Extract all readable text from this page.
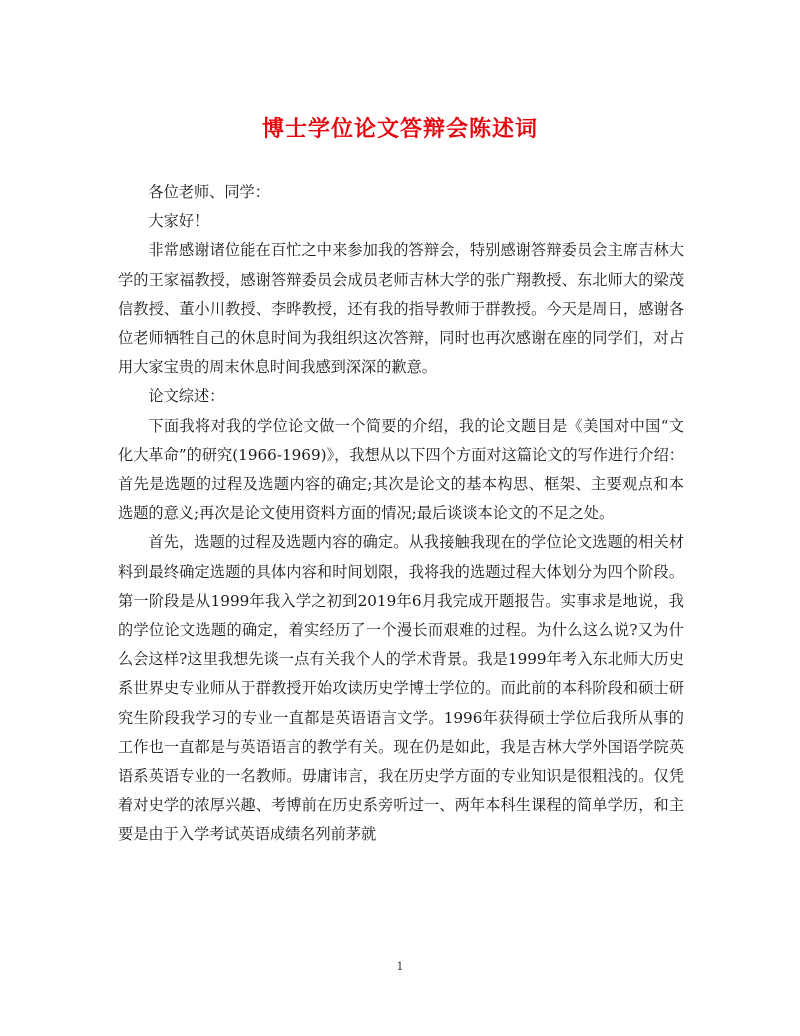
博士学位论文答辩会陈述词

各位老师、同学：

大家好！

非常感谢诸位能在百忙之中来参加我的答辩会，特别感谢答辩委员会主席吉林大学的王家福教授，感谢答辩委员会成员老师吉林大学的张广翔教授、东北师大的梁茂信教授、董小川教授、李晔教授，还有我的指导教师于群教授。今天是周日，感谢各位老师牺牲自己的休息时间为我组织这次答辩，同时也再次感谢在座的同学们，对占用大家宝贵的周末休息时间我感到深深的歉意。

论文综述：

下面我将对我的学位论文做一个简要的介绍，我的论文题目是《美国对中国“文化大革命”的研究(1966-1969)》，我想从以下四个方面对这篇论文的写作进行介绍：首先是选题的过程及选题内容的确定;其次是论文的基本构思、框架、主要观点和本选题的意义;再次是论文使用资料方面的情况;最后谈谈本论文的不足之处。

首先，选题的过程及选题内容的确定。从我接触我现在的学位论文选题的相关材料到最终确定选题的具体内容和时间划限，我将我的选题过程大体划分为四个阶段。第一阶段是从1999年我入学之初到2019年6月我完成开题报告。实事求是地说，我的学位论文选题的确定，着实经历了一个漫长而艰难的过程。为什么这么说?又为什么会这样?这里我想先谈一点有关我个人的学术背景。我是1999年考入东北师大历史系世界史专业师从于群教授开始攻读历史学博士学位的。而此前的本科阶段和硕士研究生阶段我学习的专业一直都是英语语言文学。1996年获得硕士学位后我所从事的工作也一直都是与英语语言的教学有关。现在仍是如此，我是吉林大学外国语学院英语系英语专业的一名教师。毋庸讳言，我在历史学方面的专业知识是很粗浅的。仅凭着对史学的浓厚兴趣、考博前在历史系旁听过一、两年本科生课程的简单学历，和主要是由于入学考试英语成绩名列前茅就

1
